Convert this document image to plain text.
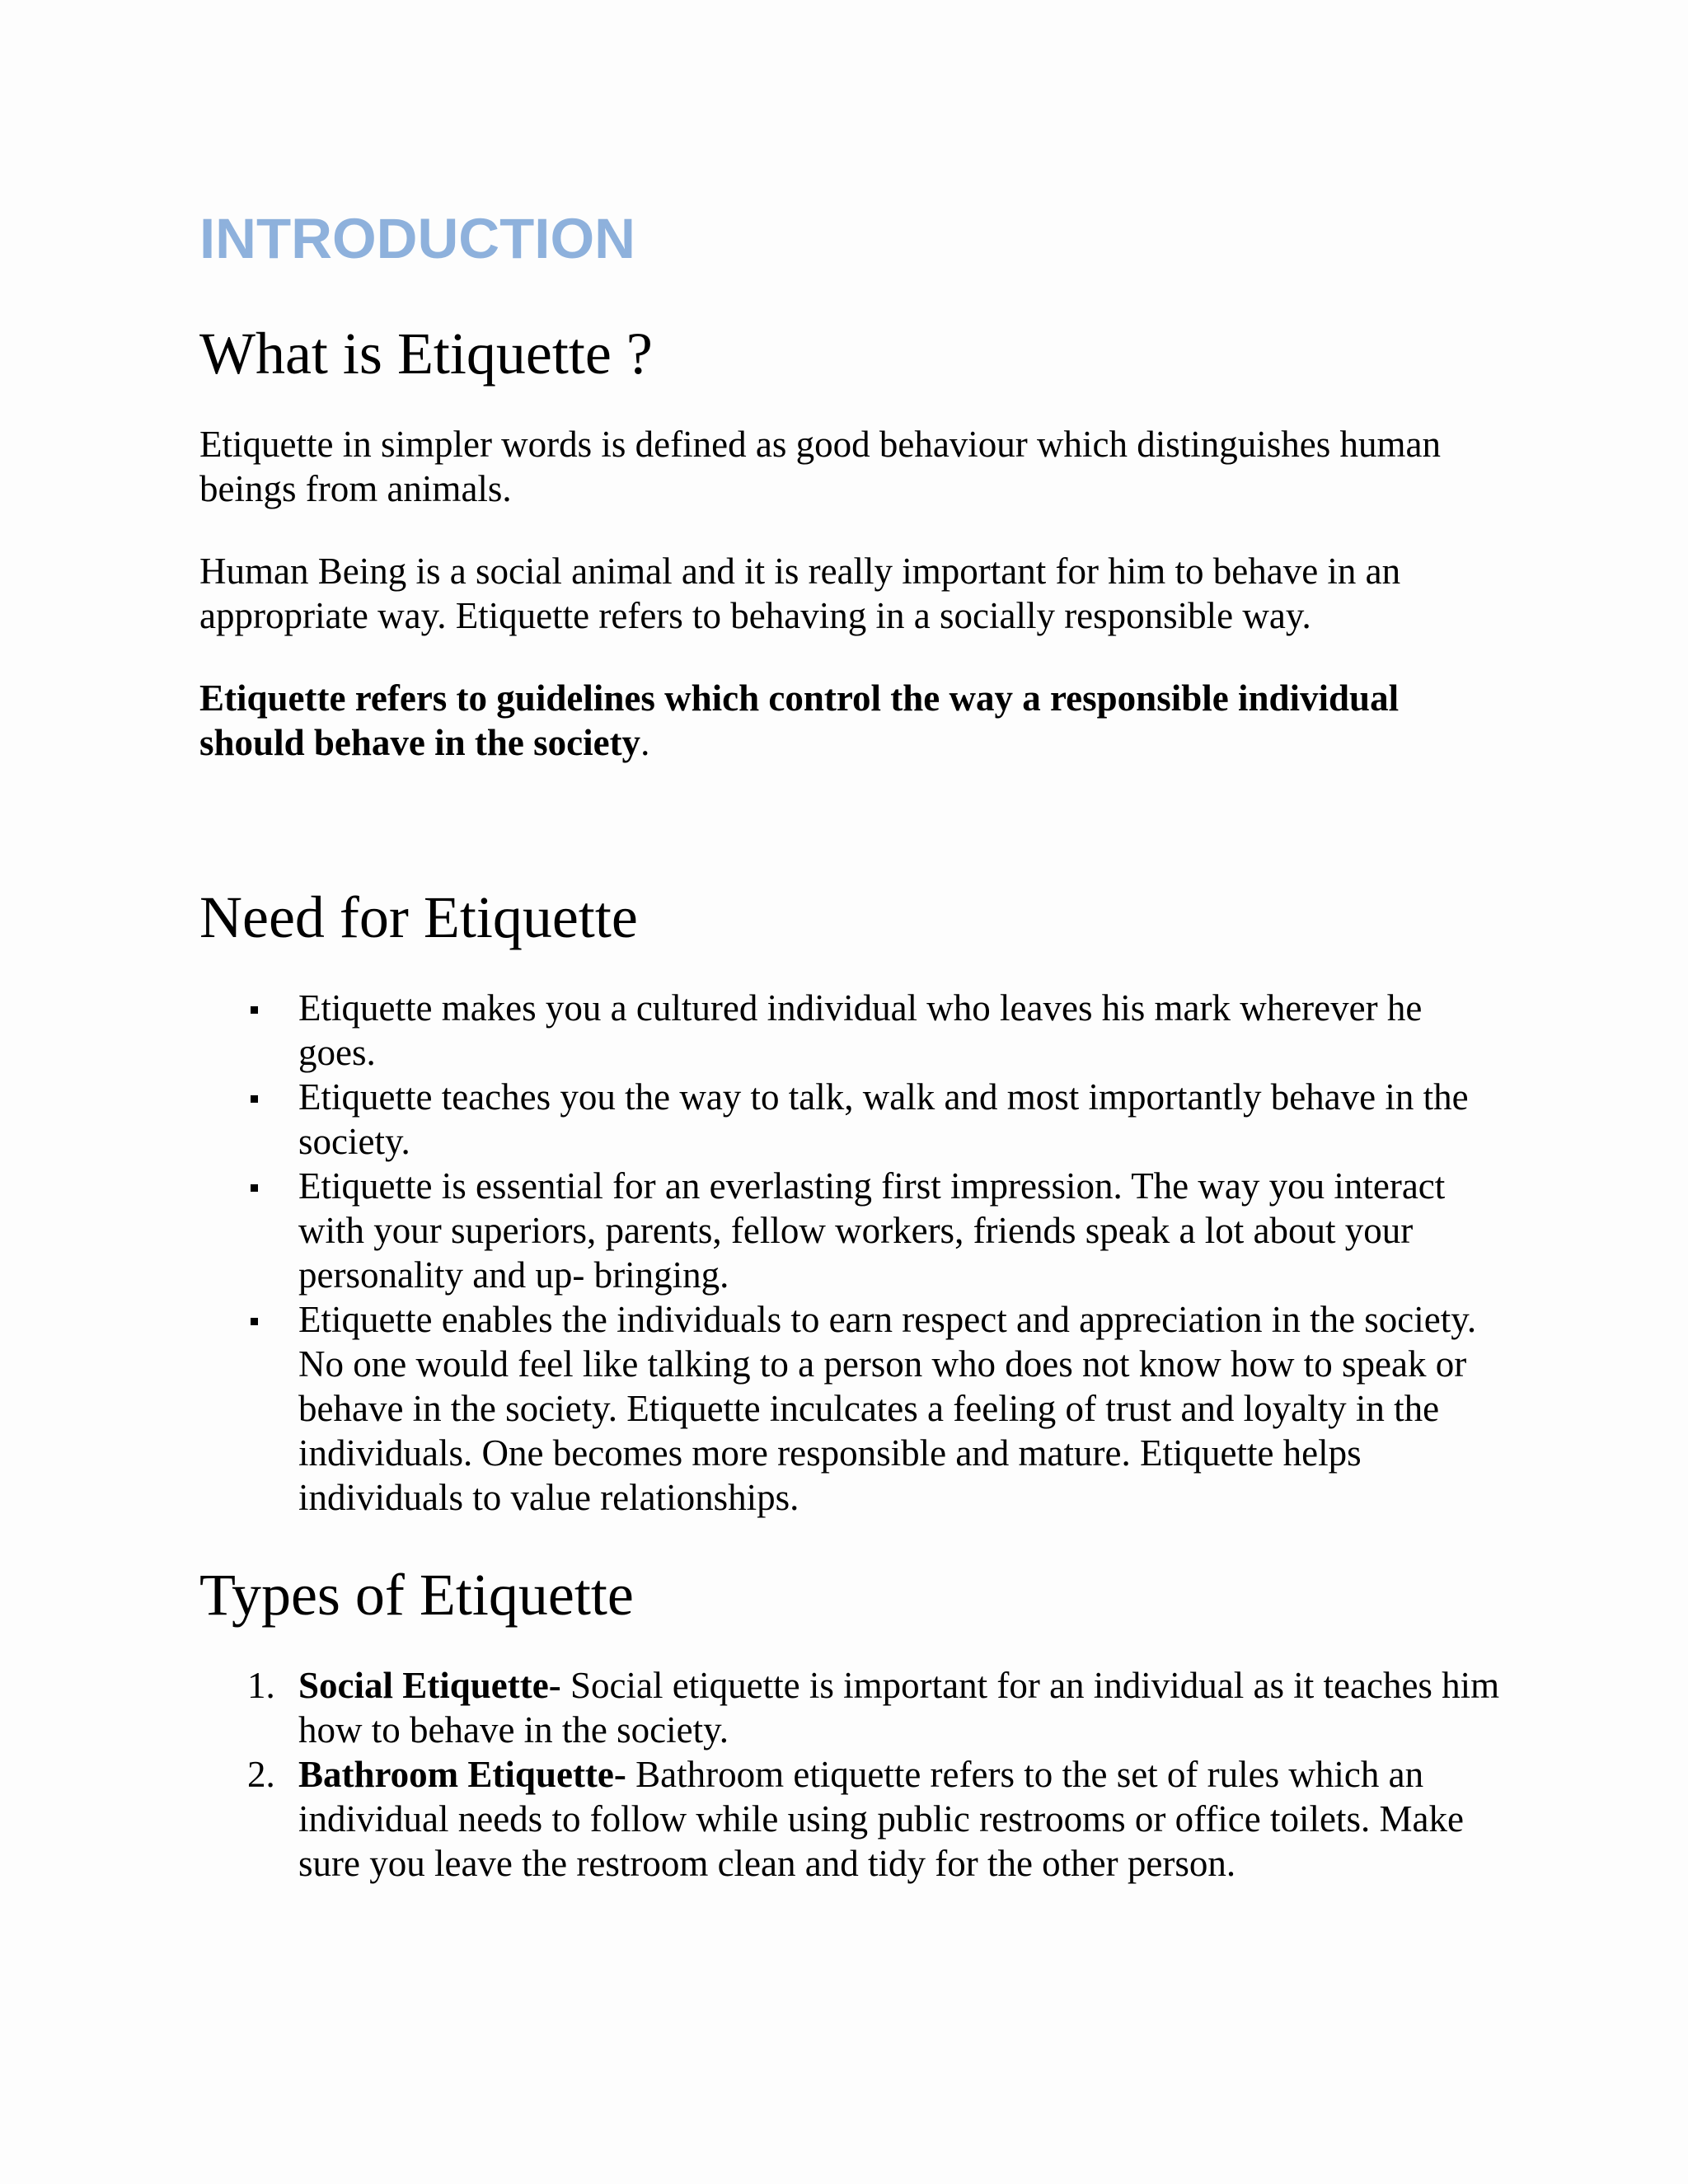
INTRODUCTION
What is Etiquette ?

Etiquette in simpler words is defined as good behaviour which distinguishes human beings from animals.

Human Being is a social animal and it is really important for him to behave in an appropriate way. Etiquette refers to behaving in a socially responsible way.

Etiquette refers to guidelines which control the way a responsible individual should behave in the society.

Need for Etiquette
Etiquette makes you a cultured individual who leaves his mark wherever he goes.
Etiquette teaches you the way to talk, walk and most importantly behave in the society.
Etiquette is essential for an everlasting first impression. The way you interact with your superiors, parents, fellow workers, friends speak a lot about your personality and up- bringing.
Etiquette enables the individuals to earn respect and appreciation in the society. No one would feel like talking to a person who does not know how to speak or behave in the society. Etiquette inculcates a feeling of trust and loyalty in the individuals. One becomes more responsible and mature. Etiquette helps individuals to value relationships.
Types of Etiquette
1. Social Etiquette- Social etiquette is important for an individual as it teaches him how to behave in the society.
2. Bathroom Etiquette- Bathroom etiquette refers to the set of rules which an individual needs to follow while using public restrooms or office toilets. Make sure you leave the restroom clean and tidy for the other person.
